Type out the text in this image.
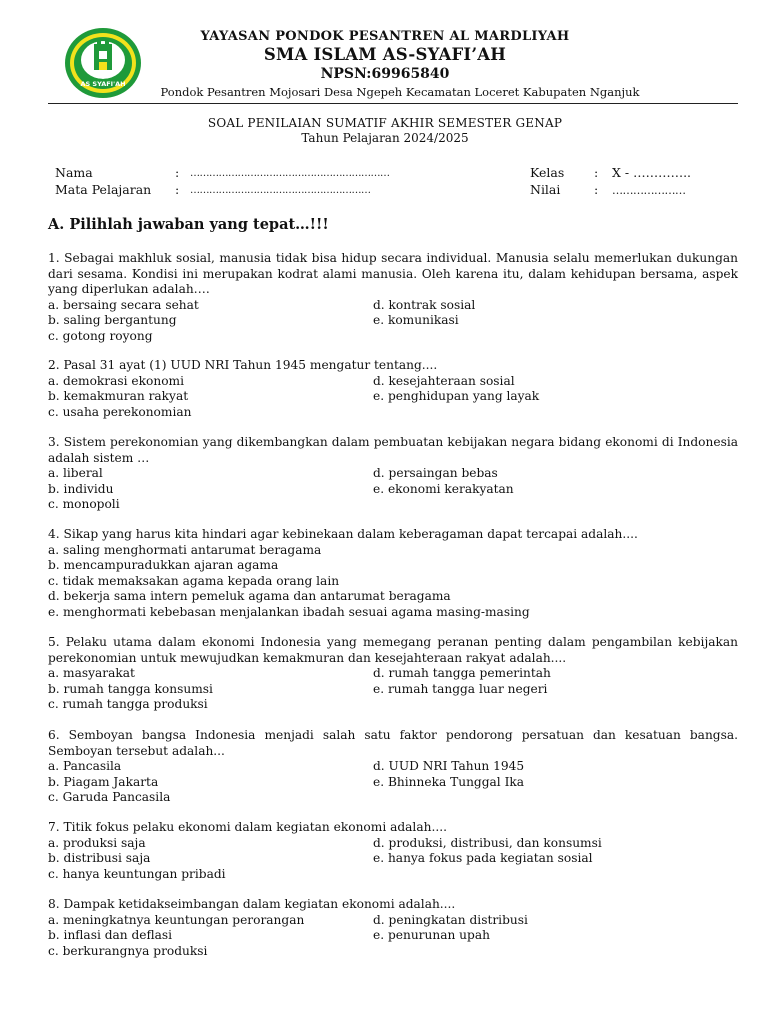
AS SYAFI'AH
YAYASAN PONDOK PESANTREN AL MARDLIYAH
SMA ISLAM AS-SYAFI’AH
NPSN:69965840
Pondok Pesantren Mojosari Desa Ngepeh Kecamatan Loceret Kabupaten Nganjuk
SOAL PENILAIAN SUMATIF AKHIR SEMESTER GENAP
Tahun Pelajaran 2024/2025
Nama	: ………………………………………………………
Mata Pelajaran : …………………………………………………
Kelas : X - …………..
Nilai	: …………………
A. Pilihlah jawaban yang tepat…!!!
1. Sebagai makhluk sosial, manusia tidak bisa hidup secara individual. Manusia selalu memerlukan dukungan dari sesama. Kondisi ini merupakan kodrat alami manusia. Oleh karena itu, dalam kehidupan bersama, aspek yang diperlukan adalah….
a. bersaing secara sehat	d. kontrak sosial
b. saling bergantung	e. komunikasi
c. gotong royong
2. Pasal 31 ayat (1) UUD NRI Tahun 1945 mengatur tentang....
a. demokrasi ekonomi	d. kesejahteraan sosial
b. kemakmuran rakyat	e. penghidupan yang layak
c. usaha perekonomian
3. Sistem perekonomian yang dikembangkan dalam pembuatan kebijakan negara bidang ekonomi di Indonesia adalah sistem …
a. liberal	d. persaingan bebas
b. individu	e. ekonomi kerakyatan
c. monopoli
4. Sikap yang harus kita hindari agar kebinekaan dalam keberagaman dapat tercapai adalah....
a. saling menghormati antarumat beragama
b. mencampuradukkan ajaran agama
c. tidak memaksakan agama kepada orang lain
d. bekerja sama intern pemeluk agama dan antarumat beragama
e. menghormati kebebasan menjalankan ibadah sesuai agama masing-masing
5. Pelaku utama dalam ekonomi Indonesia yang memegang peranan penting dalam pengambilan kebijakan perekonomian untuk mewujudkan kemakmuran dan kesejahteraan rakyat adalah....
a. masyarakat	d. rumah tangga pemerintah
b. rumah tangga konsumsi	e. rumah tangga luar negeri
c. rumah tangga produksi
6. Semboyan bangsa Indonesia menjadi salah satu faktor pendorong persatuan dan kesatuan bangsa. Semboyan tersebut adalah...
a. Pancasila	d. UUD NRI Tahun 1945
b. Piagam Jakarta	e. Bhinneka Tunggal Ika
c. Garuda Pancasila
7. Titik fokus pelaku ekonomi dalam kegiatan ekonomi adalah....
a. produksi saja	d. produksi, distribusi, dan konsumsi
b. distribusi saja	e. hanya fokus pada kegiatan sosial
c. hanya keuntungan pribadi
8. Dampak ketidakseimbangan dalam kegiatan ekonomi adalah....
a. meningkatnya keuntungan perorangan	d. peningkatan distribusi
b. inflasi dan deflasi	e. penurunan upah
c. berkurangnya produksi
